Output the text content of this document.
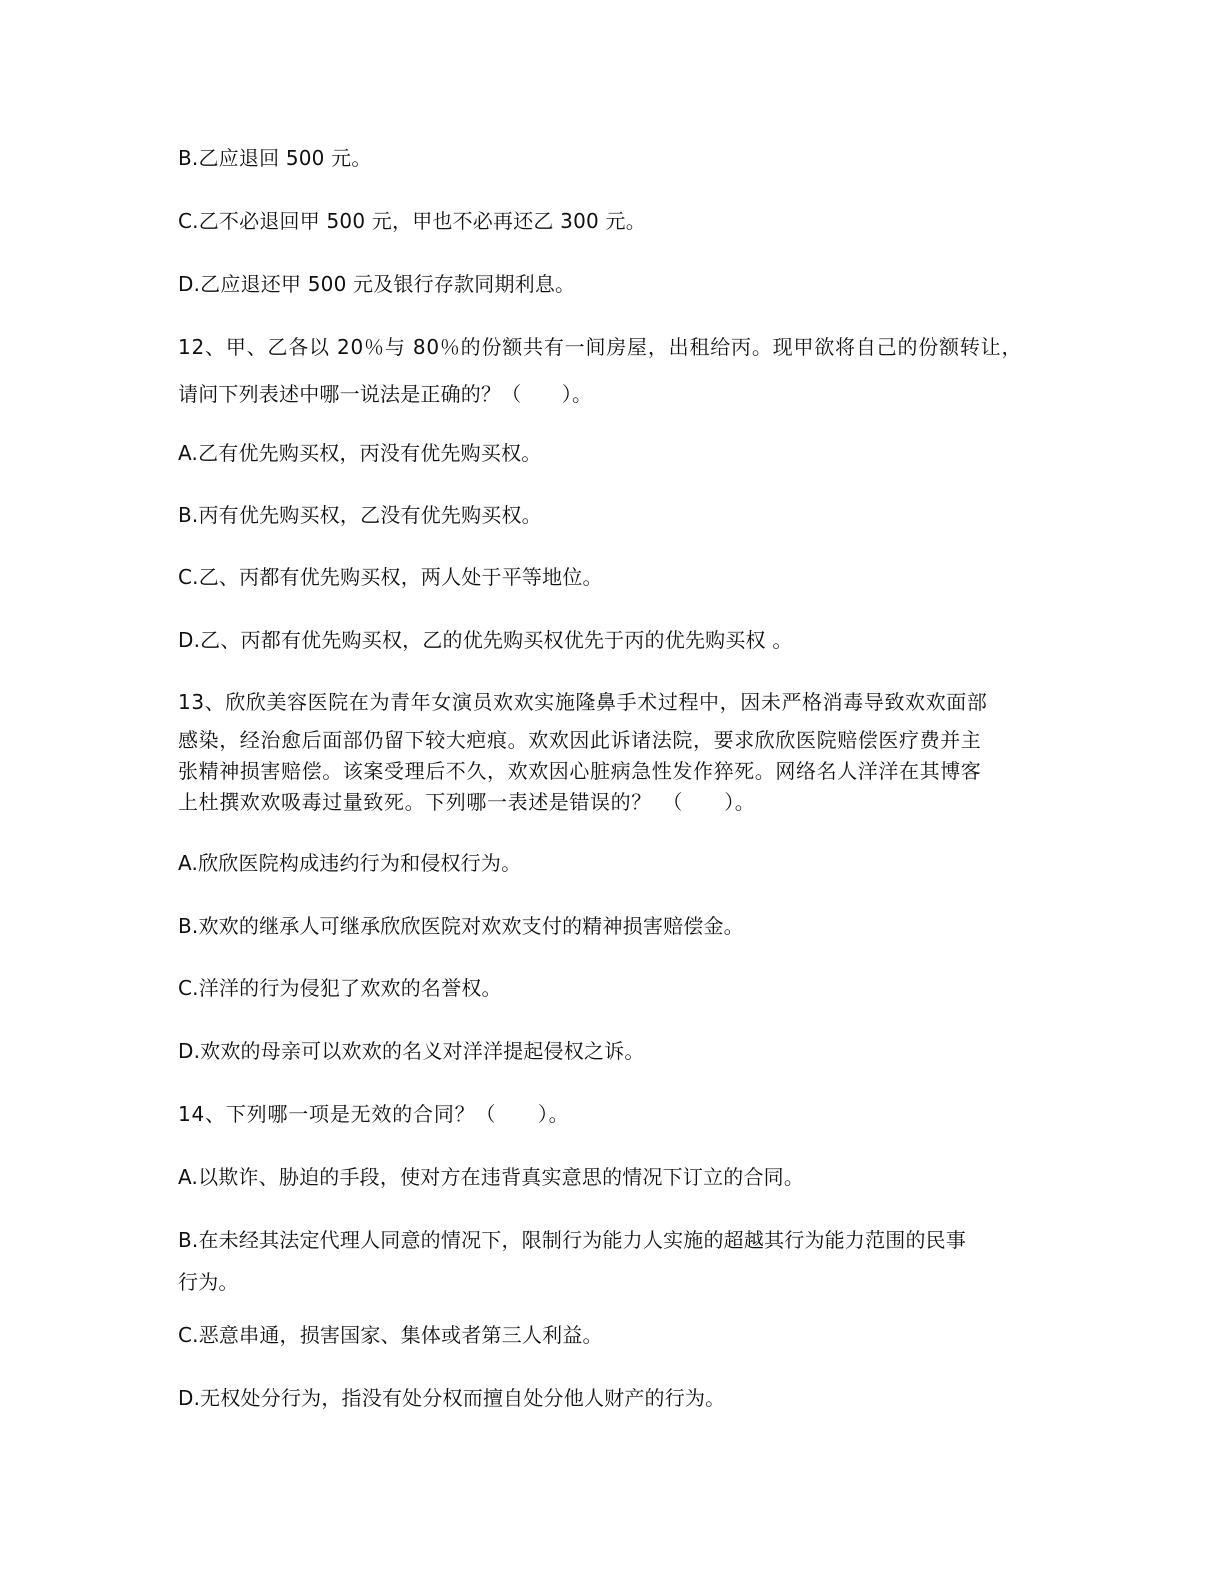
B.乙应退回 500 元。

C.乙不必退回甲 500 元，甲也不必再还乙 300 元。

D.乙应退还甲 500 元及银行存款同期利息。

12、甲、乙各以 20％与 80％的份额共有一间房屋，出租给丙。现甲欲将自己的份额转让，

请问下列表述中哪一说法是正确的？（　　）。

A.乙有优先购买权，丙没有优先购买权。

B.丙有优先购买权，乙没有优先购买权。

C.乙、丙都有优先购买权，两人处于平等地位。

D.乙、丙都有优先购买权，乙的优先购买权优先于丙的优先购买权 。

13、欣欣美容医院在为青年女演员欢欢实施隆鼻手术过程中，因未严格消毒导致欢欢面部
感染，经治愈后面部仍留下较大疤痕。欢欢因此诉诸法院，要求欣欣医院赔偿医疗费并主
张精神损害赔偿。该案受理后不久，欢欢因心脏病急性发作猝死。网络名人洋洋在其博客
上杜撰欢欢吸毒过量致死。下列哪一表述是错误的？　（　　）。

A.欣欣医院构成违约行为和侵权行为。

B.欢欢的继承人可继承欣欣医院对欢欢支付的精神损害赔偿金。

C.洋洋的行为侵犯了欢欢的名誉权。

D.欢欢的母亲可以欢欢的名义对洋洋提起侵权之诉。

14、下列哪一项是无效的合同？（　　）。

A.以欺诈、胁迫的手段，使对方在违背真实意思的情况下订立的合同。

B.在未经其法定代理人同意的情况下，限制行为能力人实施的超越其行为能力范围的民事

行为。

C.恶意串通，损害国家、集体或者第三人利益。

D.无权处分行为，指没有处分权而擅自处分他人财产的行为。
